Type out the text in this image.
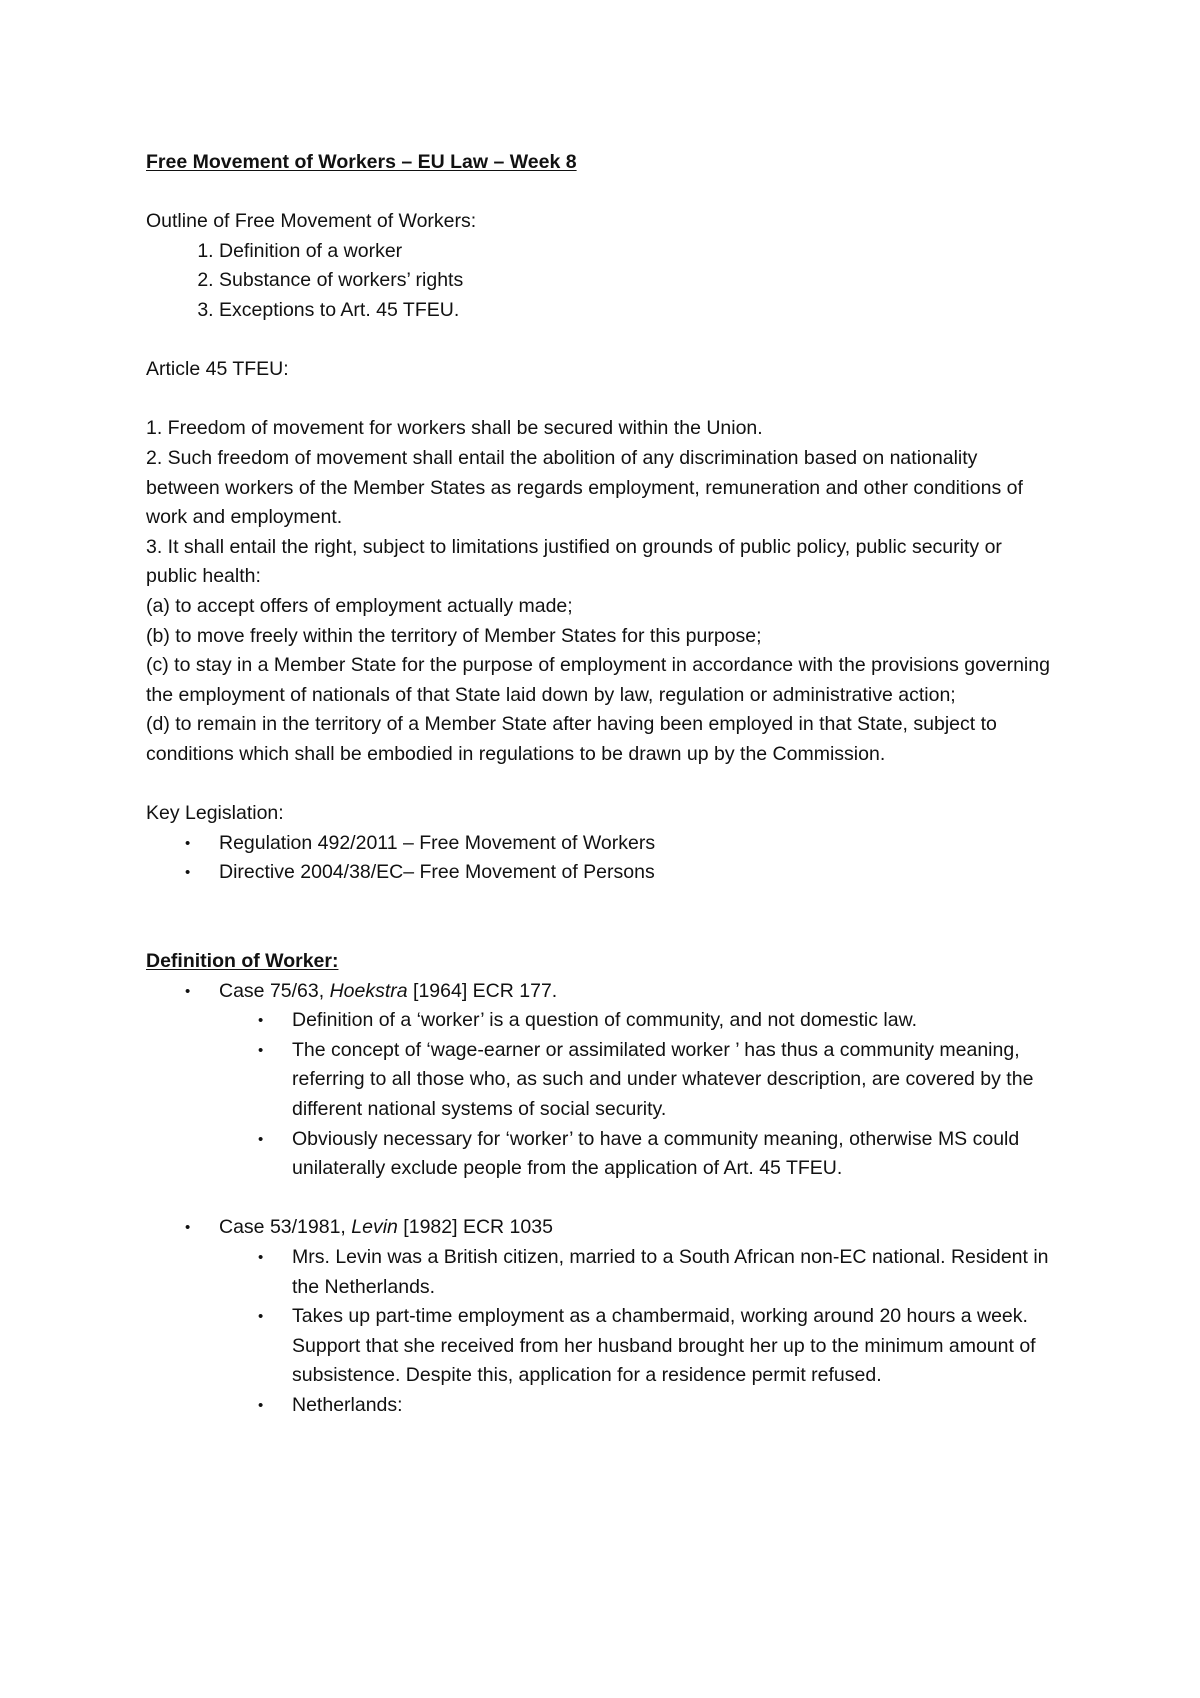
Free Movement of Workers – EU Law – Week 8

Outline of Free Movement of Workers:

1. Definition of a worker
2. Substance of workers’ rights
3. Exceptions to Art. 45 TFEU.

Article 45 TFEU:

1. Freedom of movement for workers shall be secured within the Union.

2. Such freedom of movement shall entail the abolition of any discrimination based on nationality between workers of the Member States as regards employment, remuneration and other conditions of work and employment.

3. It shall entail the right, subject to limitations justified on grounds of public policy, public security or public health:

(a) to accept offers of employment actually made;

(b) to move freely within the territory of Member States for this purpose;

(c) to stay in a Member State for the purpose of employment in accordance with the provisions governing the employment of nationals of that State laid down by law, regulation or administrative action;

(d) to remain in the territory of a Member State after having been employed in that State, subject to conditions which shall be embodied in regulations to be drawn up by the Commission.

Key Legislation:

• Regulation 492/2011 – Free Movement of Workers
• Directive 2004/38/EC– Free Movement of Persons

Definition of Worker:

• Case 75/63, Hoekstra [1964] ECR 177.
• Definition of a ‘worker’ is a question of community, and not domestic law.
• The concept of ‘wage-earner or assimilated worker ’ has thus a community meaning, referring to all those who, as such and under whatever description, are covered by the different national systems of social security.
• Obviously necessary for ‘worker’ to have a community meaning, otherwise MS could unilaterally exclude people from the application of Art. 45 TFEU.
• Case 53/1981, Levin [1982] ECR 1035
• Mrs. Levin was a British citizen, married to a South African non-EC national. Resident in the Netherlands.
• Takes up part-time employment as a chambermaid, working around 20 hours a week. Support that she received from her husband brought her up to the minimum amount of subsistence. Despite this, application for a residence permit refused.
• Netherlands:
